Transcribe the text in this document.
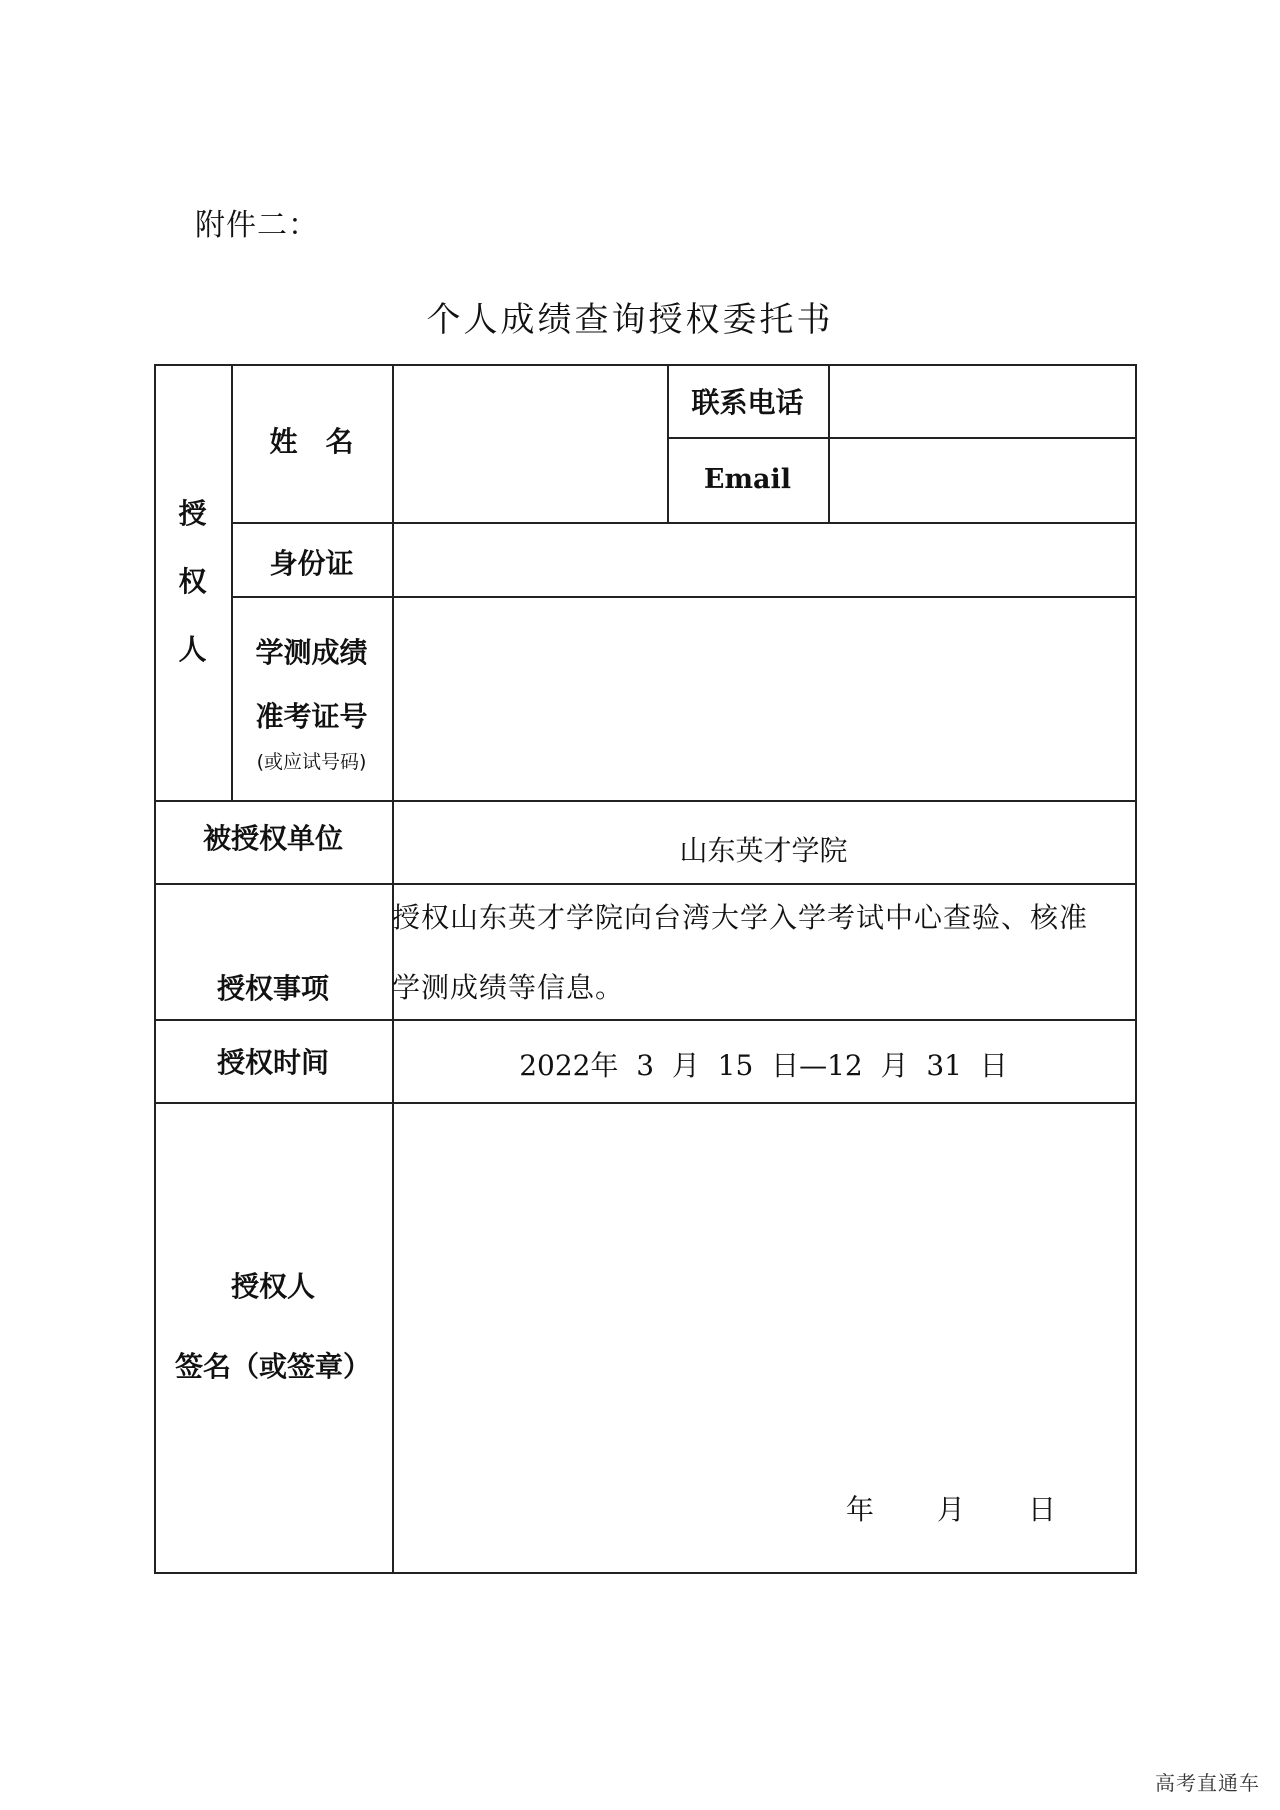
附件二：
个人成绩查询授权委托书
授
权
人
姓　名
联系电话
Email
身份证
学测成绩
准考证号
(或应试号码)
被授权单位	山东英才学院
授权事项
授权时间	2022年  3  月  15  日—12  月  31  日
授权人
签名（或签章）
授权山东英才学院向台湾大学入学考试中心查验、核准学测成绩等信息。
年 月 日
高考直通车
